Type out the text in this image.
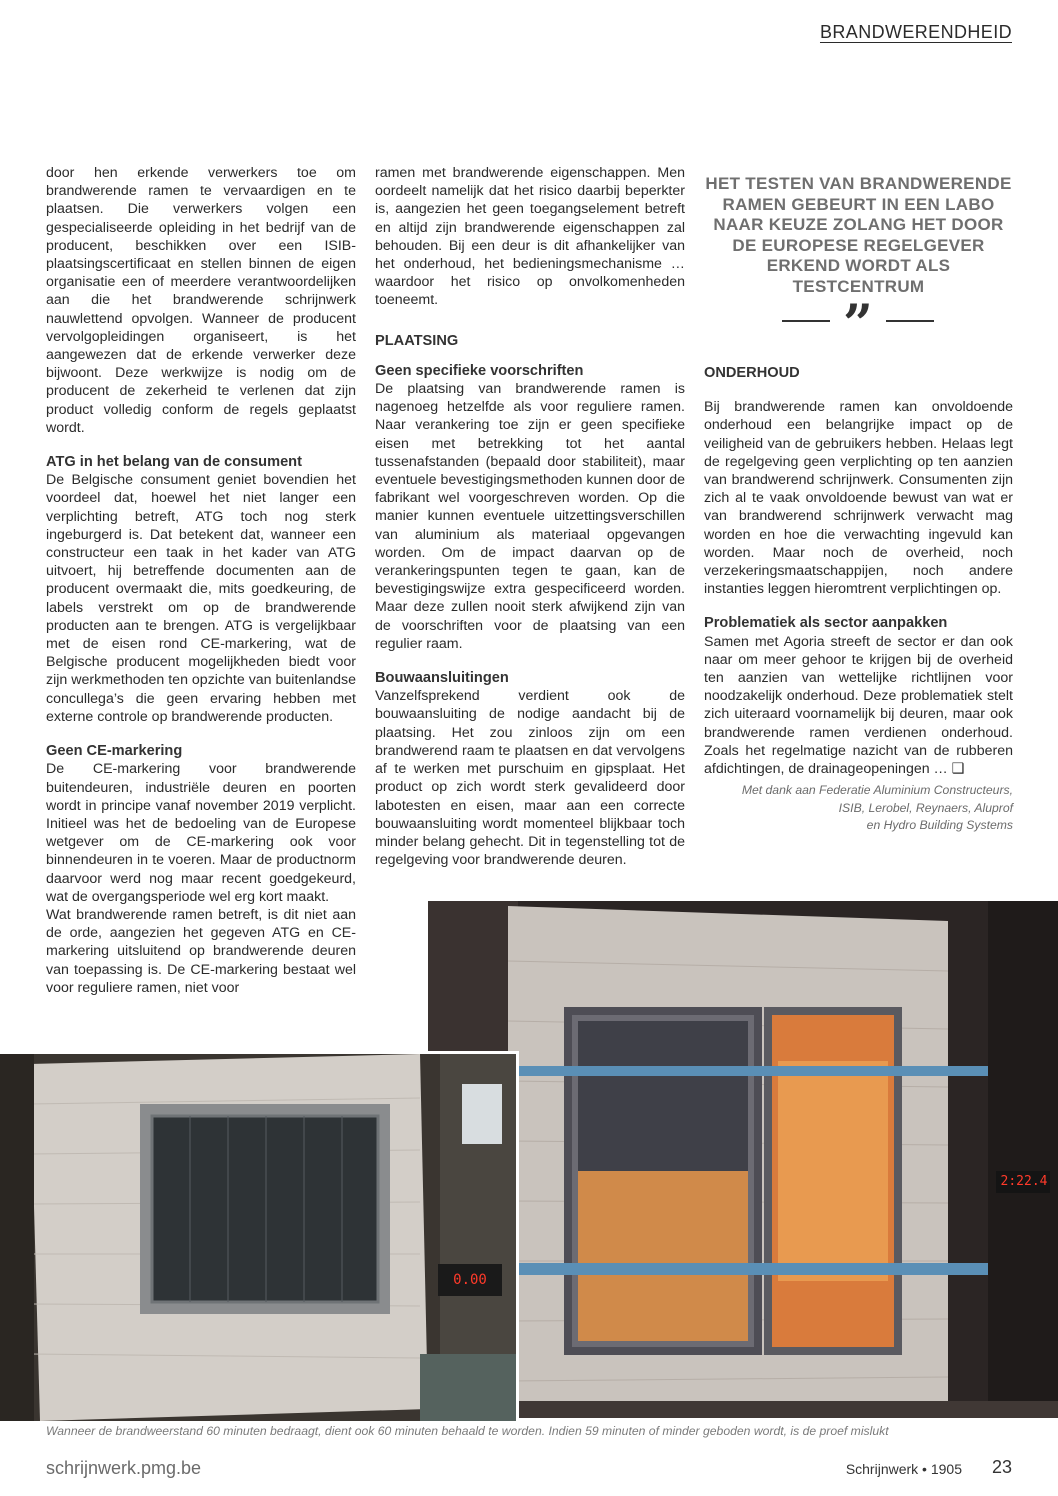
BRANDWERENDHEID

door hen erkende verwerkers toe om brandwerende ramen te vervaardigen en te plaatsen. Die verwerkers volgen een gespecialiseerde opleiding in het bedrijf van de producent, beschikken over een ISIB-plaatsingscertificaat en stellen binnen de eigen organisatie een of meerdere verantwoordelijken aan die het brandwerende schrijnwerk nauwlettend opvolgen. Wanneer de producent vervolgopleidingen organiseert, is het aangewezen dat de erkende verwerker deze bijwoont. Deze werkwijze is nodig om de producent de zekerheid te verlenen dat zijn product volledig conform de regels geplaatst wordt.

ATG in het belang van de consument

De Belgische consument geniet bovendien het voordeel dat, hoewel het niet langer een verplichting betreft, ATG toch nog sterk ingeburgerd is. Dat betekent dat, wanneer een constructeur een taak in het kader van ATG uitvoert, hij betreffende documenten aan de producent overmaakt die, mits goedkeuring, de labels verstrekt om op de brandwerende producten aan te brengen. ATG is vergelijkbaar met de eisen rond CE-markering, wat de Belgische producent mogelijkheden biedt voor zijn werkmethoden ten opzichte van buitenlandse concullega’s die geen ervaring hebben met externe controle op brandwerende producten.

Geen CE-markering

De CE-markering voor brandwerende buitendeuren, industriële deuren en poorten wordt in principe vanaf november 2019 verplicht. Initieel was het de bedoeling van de Europese wetgever om de CE-markering ook voor binnendeuren in te voeren. Maar de productnorm daarvoor werd nog maar recent goedgekeurd, wat de overgangsperiode wel erg kort maakt.

Wat brandwerende ramen betreft, is dit niet aan de orde, aangezien het gegeven ATG en CE-markering uitsluitend op brandwerende deuren van toepassing is. De CE-markering bestaat wel voor reguliere ramen, niet voor

ramen met brandwerende eigenschappen. Men oordeelt namelijk dat het risico daarbij beperkter is, aangezien het geen toegangselement betreft en altijd zijn brandwerende eigenschappen zal behouden. Bij een deur is dit afhankelijker van het onderhoud, het bedieningsmechanisme … waardoor het risico op onvolkomenheden toeneemt.

PLAATSING
Geen specifieke voorschriften

De plaatsing van brandwerende ramen is nagenoeg hetzelfde als voor reguliere ramen. Naar verankering toe zijn er geen specifieke eisen met betrekking tot het aantal tussenafstanden (bepaald door stabiliteit), maar eventuele bevestigingsmethoden kunnen door de fabrikant wel voorgeschreven worden. Op die manier kunnen eventuele uitzettingsverschillen van aluminium als materiaal opgevangen worden. Om de impact daarvan op de verankeringspunten tegen te gaan, kan de bevestigingswijze extra gespecificeerd worden. Maar deze zullen nooit sterk afwijkend zijn van de voorschriften voor de plaatsing van een regulier raam.

Bouwaansluitingen

Vanzelfsprekend verdient ook de bouwaansluiting de nodige aandacht bij de plaatsing. Het zou zinloos zijn om een brandwerend raam te plaatsen en dat vervolgens af te werken met purschuim en gipsplaat. Het product op zich wordt sterk gevalideerd door labotesten en eisen, maar aan een correcte bouwaansluiting wordt momenteel blijkbaar toch minder belang gehecht. Dit in tegenstelling tot de regelgeving voor brandwerende deuren.

HET TESTEN VAN BRANDWERENDE RAMEN GEBEURT IN EEN LABO NAAR KEUZE ZOLANG HET DOOR DE EUROPESE REGELGEVER ERKEND WORDT ALS TESTCENTRUM
”
ONDERHOUD

Bij brandwerende ramen kan onvoldoende onderhoud een belangrijke impact op de veiligheid van de gebruikers hebben. Helaas legt de regelgeving geen verplichting op ten aanzien van brandwerend schrijnwerk. Consumenten zijn zich al te vaak onvoldoende bewust van wat er van brandwerend schrijnwerk verwacht mag worden en hoe die verwachting ingevuld kan worden. Maar noch de overheid, noch verzekeringsmaatschappijen, noch andere instanties leggen hieromtrent verplichtingen op.

Problematiek als sector aanpakken

Samen met Agoria streeft de sector er dan ook naar om meer gehoor te krijgen bij de overheid ten aanzien van wettelijke richtlijnen voor noodzakelijk onderhoud. Deze problematiek stelt zich uiteraard voornamelijk bij deuren, maar ook brandwerende ramen verdienen onderhoud. Zoals het regelmatige nazicht van de rubberen afdichtingen, de drainageopeningen … ❑

Met dank aan Federatie Aluminium Constructeurs,
ISIB, Lerobel, Reynaers, Aluprof
en Hydro Building Systems
2:22.4
0.00
Wanneer de brandweerstand 60 minuten bedraagt, dient ook 60 minuten behaald te worden. Indien 59 minuten of minder geboden wordt, is de proef mislukt
schrijnwerk.pmg.be	Schrijnwerk • 1905 23
